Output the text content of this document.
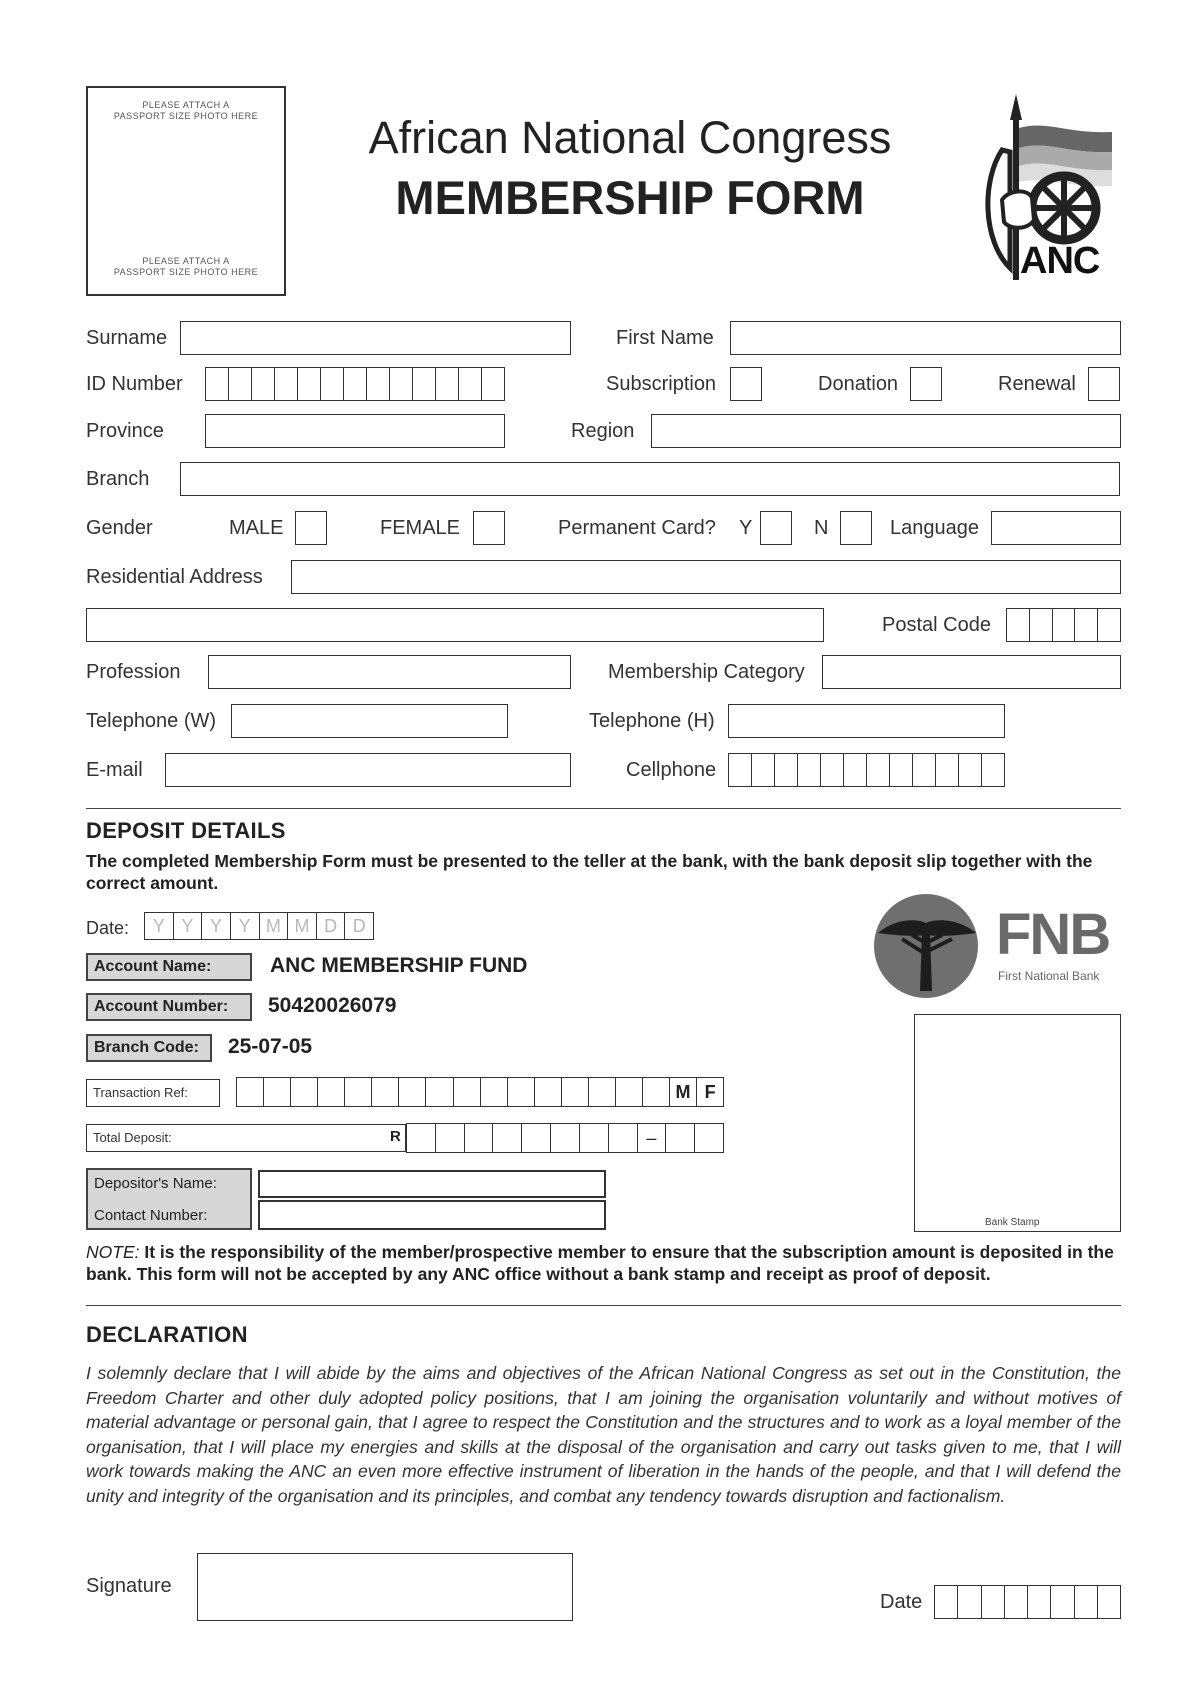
PLEASE ATTACH A
PASSPORT SIZE PHOTO HERE
PLEASE ATTACH A
PASSPORT SIZE PHOTO HERE
African National Congress
MEMBERSHIP FORM
ANC
Surname	First Name
ID Number	Subscription	Donation	Renewal
Province	Region
Branch
Gender	MALE	FEMALE	Permanent Card? Y	N	Language
Residential Address
Postal Code
Profession	Membership Category
Telephone (W)	Telephone (H)
E-mail	Cellphone
DEPOSIT DETAILS
The completed Membership Form must be presented to the teller at the bank, with the bank deposit slip together with the correct amount.
Date:	Y Y Y Y M M D D
Account Name:	ANC MEMBERSHIP FUND
Account Number:	50420026079
Branch Code:	25-07-05
Transaction Ref:	M F
Total Deposit:	R	–
Depositor's Name:
Contact Number:
FNB
First National Bank
Bank Stamp
NOTE: It is the responsibility of the member/prospective member to ensure that the subscription amount is deposited in the bank. This form will not be accepted by any ANC office without a bank stamp and receipt as proof of deposit.
DECLARATION
I solemnly declare that I will abide by the aims and objectives of the African National Congress as set out in the Constitution, the Freedom Charter and other duly adopted policy positions, that I am joining the organisation voluntarily and without motives of material advantage or personal gain, that I agree to respect the Constitution and the structures and to work as a loyal member of the organisation, that I will place my energies and skills at the disposal of the organisation and carry out tasks given to me, that I will work towards making the ANC an even more effective instrument of liberation in the hands of the people, and that I will defend the unity and integrity of the organisation and its principles, and combat any tendency towards disruption and factionalism.
Signature
Date
